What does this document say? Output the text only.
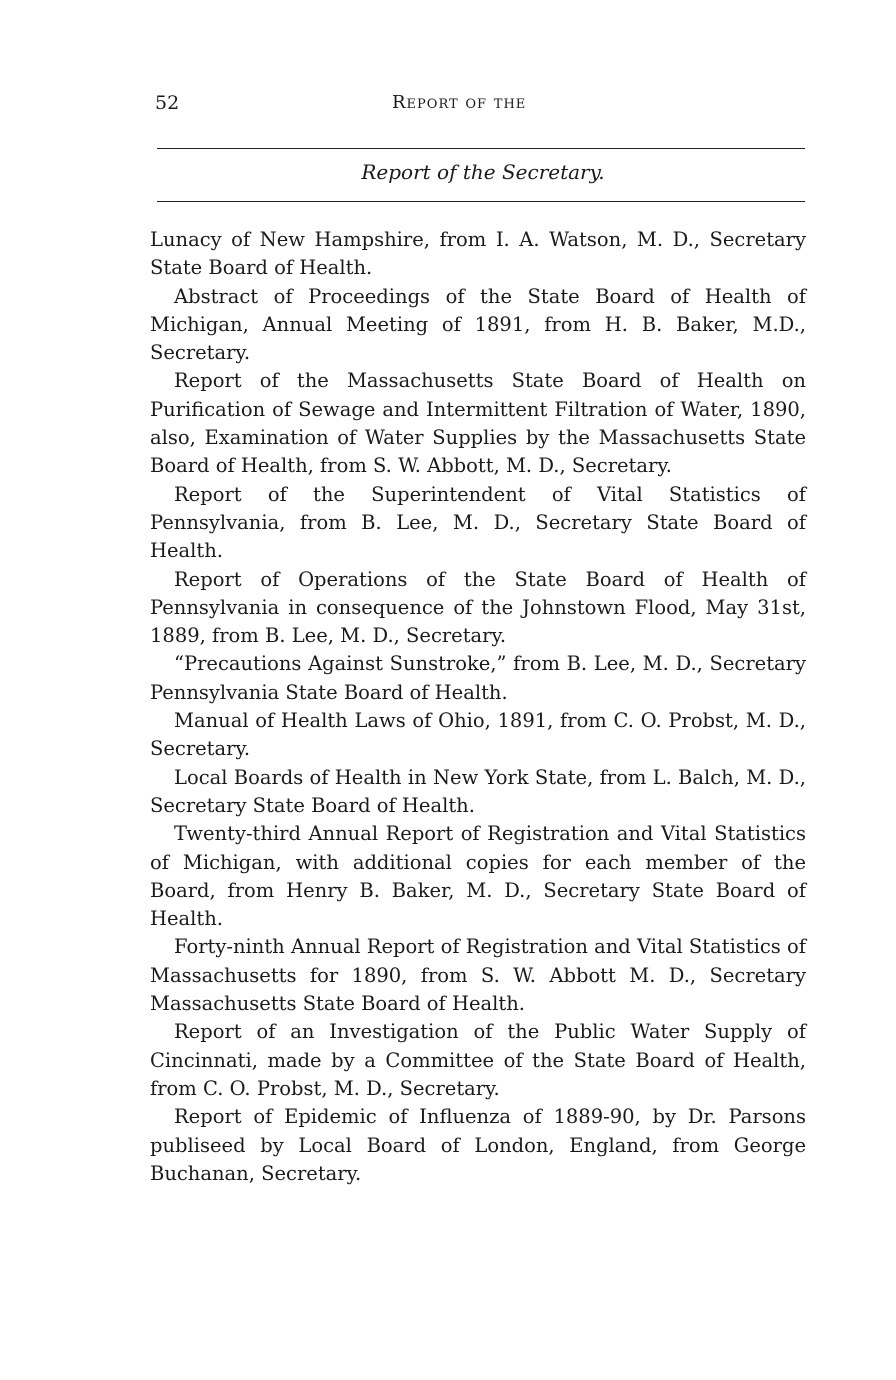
52	Report of the
Report of the Secretary.

Lunacy of New Hampshire, from I. A. Watson, M. D., Secretary State Board of Health.

Abstract of Proceedings of the State Board of Health of Michigan, Annual Meeting of 1891, from H. B. Baker, M.D., Secretary.

Report of the Massachusetts State Board of Health on Purification of Sewage and Intermittent Filtration of Water, 1890, also, Examination of Water Supplies by the Massachusetts State Board of Health, from S. W. Abbott, M. D., Secretary.

Report of the Superintendent of Vital Statistics of Pennsylvania, from B. Lee, M. D., Secretary State Board of Health.

Report of Operations of the State Board of Health of Pennsylvania in consequence of the Johnstown Flood, May 31st, 1889, from B. Lee, M. D., Secretary.

“Precautions Against Sunstroke,” from B. Lee, M. D., Secretary Pennsylvania State Board of Health.

Manual of Health Laws of Ohio, 1891, from C. O. Probst, M. D., Secretary.

Local Boards of Health in New York State, from L. Balch, M. D., Secretary State Board of Health.

Twenty-third Annual Report of Registration and Vital Statistics of Michigan, with additional copies for each member of the Board, from Henry B. Baker, M. D., Secretary State Board of Health.

Forty-ninth Annual Report of Registration and Vital Statistics of Massachusetts for 1890, from S. W. Abbott M. D., Secretary Massachusetts State Board of Health.

Report of an Investigation of the Public Water Supply of Cincinnati, made by a Committee of the State Board of Health, from C. O. Probst, M. D., Secretary.

Report of Epidemic of Influenza of 1889-90, by Dr. Parsons publiseed by Local Board of London, England, from George Buchanan, Secretary.
